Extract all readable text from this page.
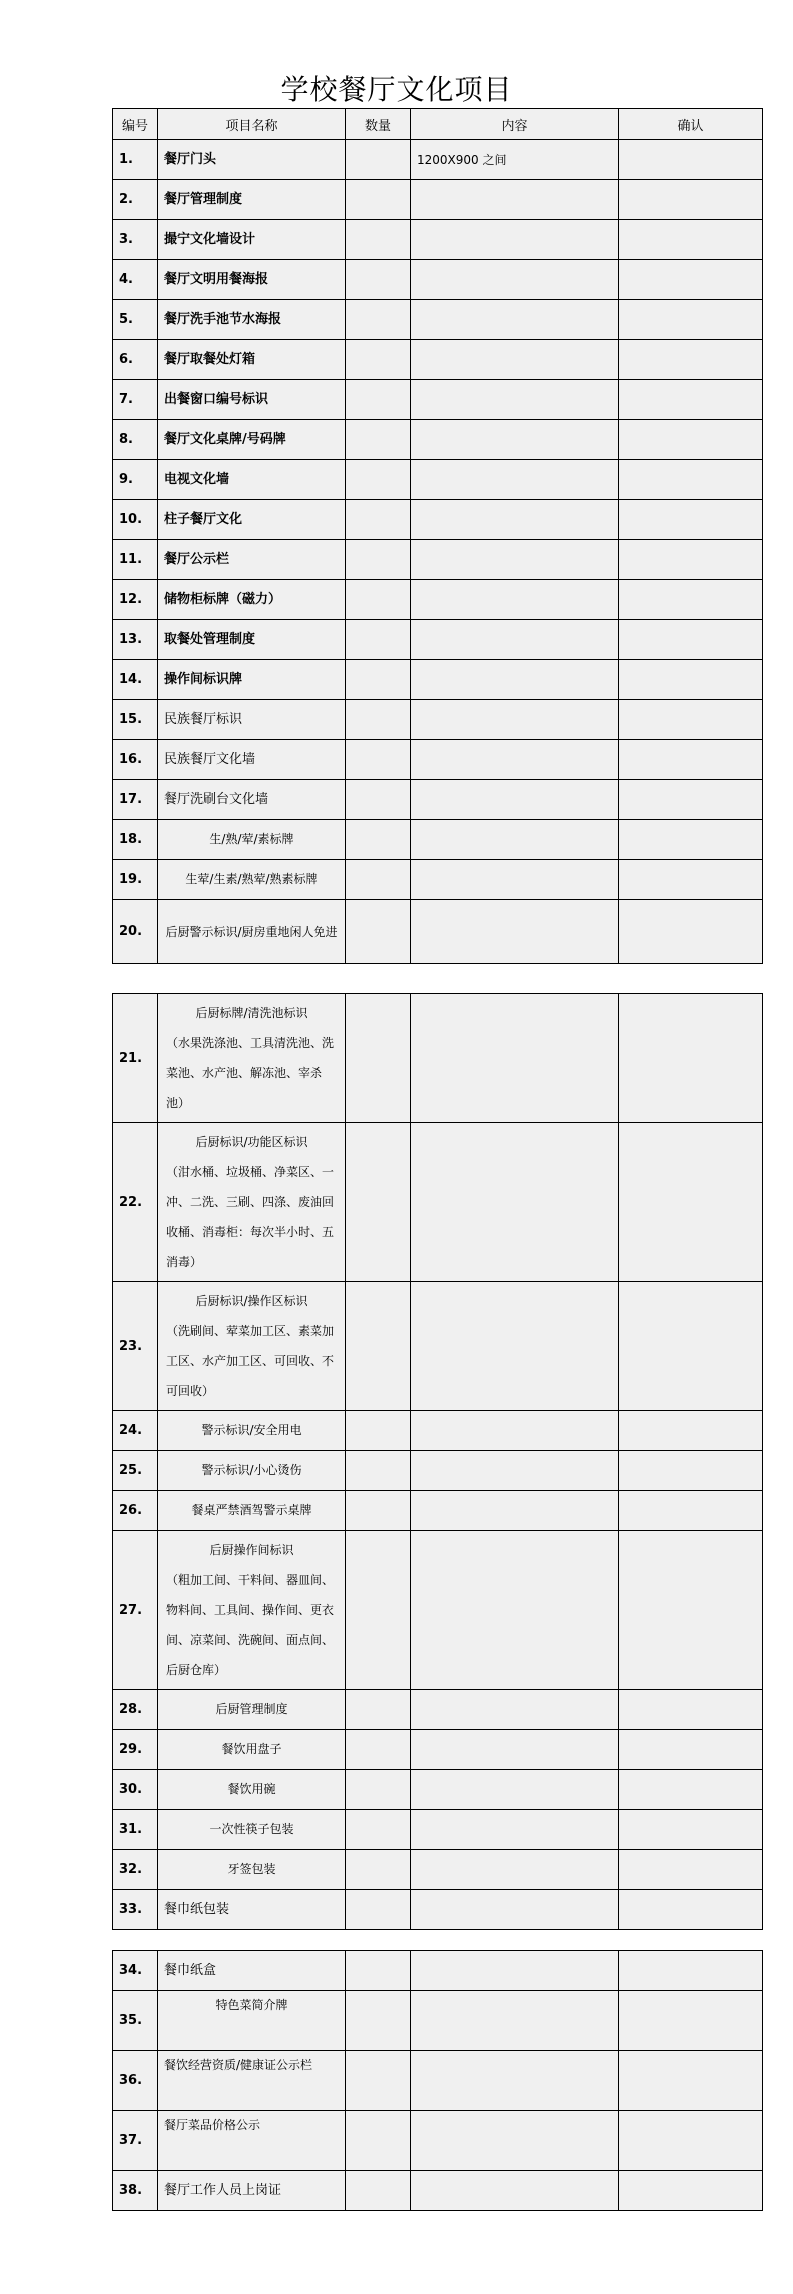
学校餐厅文化项目
编号	项目名称	数量	内容	确认
1.	餐厅门头		1200X900 之间	
2.	餐厅管理制度			
3.	撮宁文化墙设计			
4.	餐厅文明用餐海报			
5.	餐厅洗手池节水海报			
6.	餐厅取餐处灯箱			
7.	出餐窗口编号标识			
8.	餐厅文化桌牌/号码牌			
9.	电视文化墙			
10.	柱子餐厅文化			
11.	餐厅公示栏			
12.	储物柜标牌（磁力）			
13.	取餐处管理制度			
14.	操作间标识牌			
15.	民族餐厅标识			
16.	民族餐厅文化墙			
17.	餐厅洗刷台文化墙			
18.	生/熟/荤/素标牌			
19.	生荤/生素/熟荤/熟素标牌			
20.	后厨警示标识/厨房重地闲人免进			
21.	后厨标牌/清洗池标识
（水果洗涤池、工具清洗池、洗菜池、水产池、解冻池、宰杀池）			

22.	后厨标识/功能区标识
（泔水桶、垃圾桶、净菜区、一冲、二洗、三刷、四涤、废油回收桶、消毒柜：每次半小时、五消毒）			

23.	后厨标识/操作区标识
（洗刷间、荤菜加工区、素菜加工区、水产加工区、可回收、不可回收）			

24.	警示标识/安全用电			
25.	警示标识/小心烫伤			
26.	餐桌严禁酒驾警示桌牌			
27.	后厨操作间标识
（粗加工间、干料间、器皿间、物料间、工具间、操作间、更衣间、凉菜间、洗碗间、面点间、后厨仓库）			

28.	后厨管理制度			
29.	餐饮用盘子			
30.	餐饮用碗			
31.	一次性筷子包装			
32.	牙签包装			
33.	餐巾纸包装			
34.	餐巾纸盒			
35.	特色菜简介牌			
36.	餐饮经营资质/健康证公示栏			
37.	餐厅菜品价格公示			
38.	餐厅工作人员上岗证			
